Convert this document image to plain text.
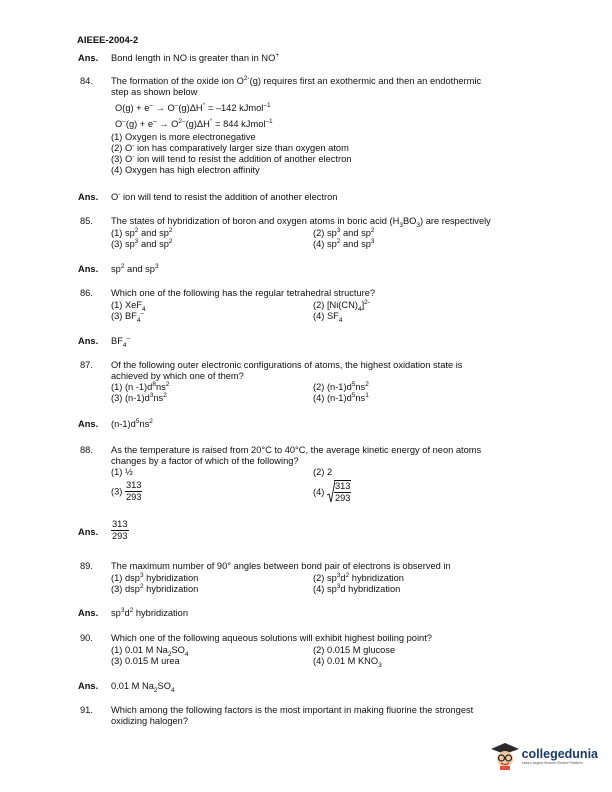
AIEEE-2004-2
Ans. Bond length in NO is greater than in NO+
84. The formation of the oxide ion $O^{2-}(g)$ requires first an exothermic and then an endothermic
step as shown below
O(g) + e– → O–(g)ΔH° = –142 kJmol$^{-1}$
$O^-(g) + e^- \to O^{2-}(g)\Delta H^\circ = 844$ kJmol$^{-1}$
(1) Oxygen is more electronegative
(2) O- ion has comparatively larger size than oxygen atom
(3) O- ion will tend to resist the addition of another electron
(4) Oxygen has high electron affinity
Ans. O- ion will tend to resist the addition of another electron
85. The states of hybridization of boron and oxygen atoms in boric acid $(H_3BO_3)$ are respectively
(1) $sp^2$ and $sp^2$	(2) $sp^3$ and $sp^2$
(3) $sp^3$ and $sp^2$	(4) $sp^2$ and $sp^3$
Ans. $sp^2$ and $sp^3$
86. Which one of the following has the regular tetrahedral structure?
(1) XeF$_4$	(2) $[Ni(CN)_4]^{2-}$
(3) $BF_4^-$	(4) $SF_4$
Ans. $BF_4^-$
87. Of the following outer electronic configurations of atoms, the highest oxidation state is
achieved by which one of them?
(1) (n $-1)d^8ns^2$	(2) $(n-1)d^5ns^2$
(3) $(n-1)d^3ns^2$	(4) $(n-1)d^5ns^1$
Ans. $(n-1)d^5ns^2$
88. As the temperature is raised from 20°C to 40°C, the average kinetic energy of neon atoms
changes by a factor of which of the following?
(1) ½	(2) 2
$(3) \frac{313}{293}$	$(4) \frac{313}{293}$
Ans. $\frac{313}{293}$
89. The maximum number of 90° angles between bond pair of electrons is observed in
(1) dsp$^3$ hybridization	(2) $sp^3d^2$ hybridization
(3) dsp$^2$ hybridization	(4) $sp^3d$ hybridization
Ans. $sp^3d^2$ hybridization
90. Which one of the following aqueous solutions will exhibit highest boiling point?
(1) 0.01 M $Na_2SO_4$	(2) 0.015 M glucose
(3) 0.015 M urea	(4) 0.01 M $KNO_3$
Ans. 0.01 M $Na_2SO_4$
91. Which among the following factors is the most important in making fluorine the strongest
oxidizing halogen?
collegedunia
India's largest Student Review Platform
